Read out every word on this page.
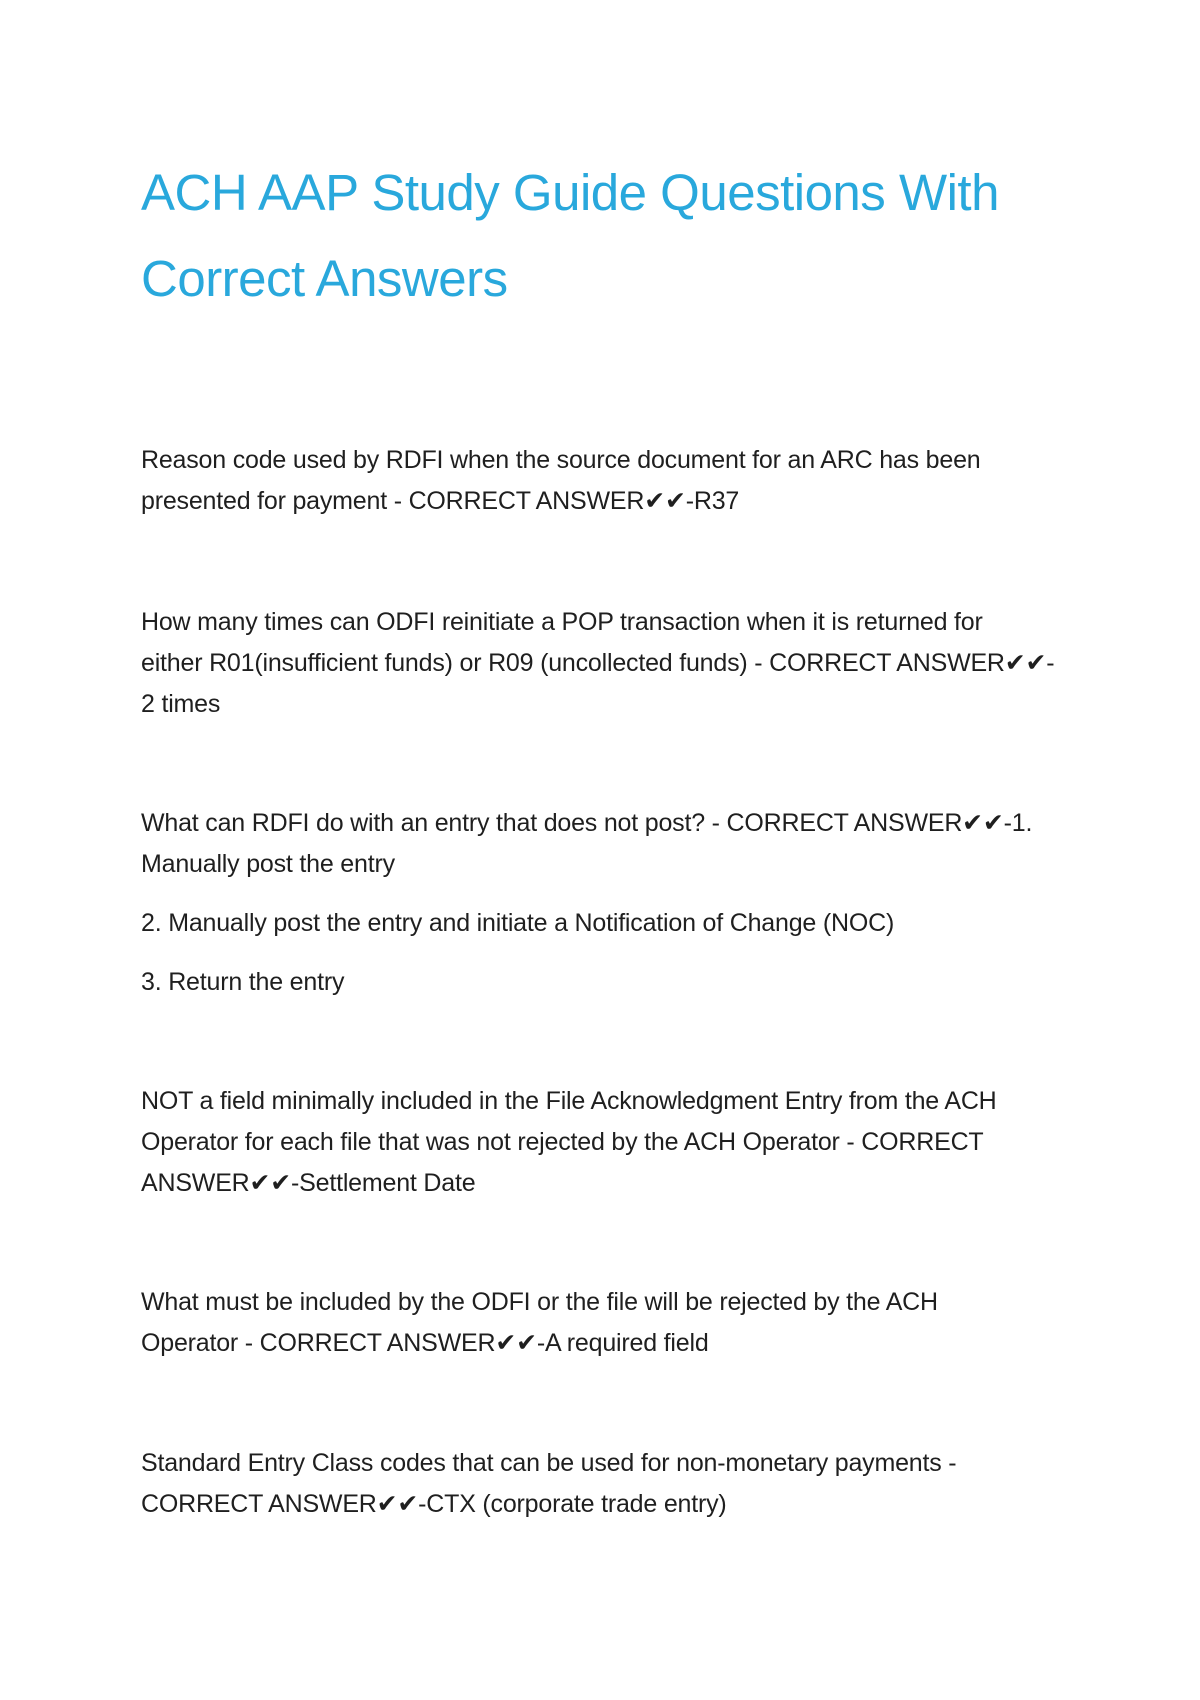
ACH AAP Study Guide Questions With
Correct Answers
Reason code used by RDFI when the source document for an ARC has been
presented for payment - CORRECT ANSWER✔✔-R37
How many times can ODFI reinitiate a POP transaction when it is returned for
either R01(insufficient funds) or R09 (uncollected funds) - CORRECT ANSWER✔✔-
2 times
What can RDFI do with an entry that does not post? - CORRECT ANSWER✔✔-1.
Manually post the entry
2. Manually post the entry and initiate a Notification of Change (NOC)
3. Return the entry
NOT a field minimally included in the File Acknowledgment Entry from the ACH
Operator for each file that was not rejected by the ACH Operator - CORRECT
ANSWER✔✔-Settlement Date
What must be included by the ODFI or the file will be rejected by the ACH
Operator - CORRECT ANSWER✔✔-A required field
Standard Entry Class codes that can be used for non-monetary payments -
CORRECT ANSWER✔✔-CTX (corporate trade entry)
